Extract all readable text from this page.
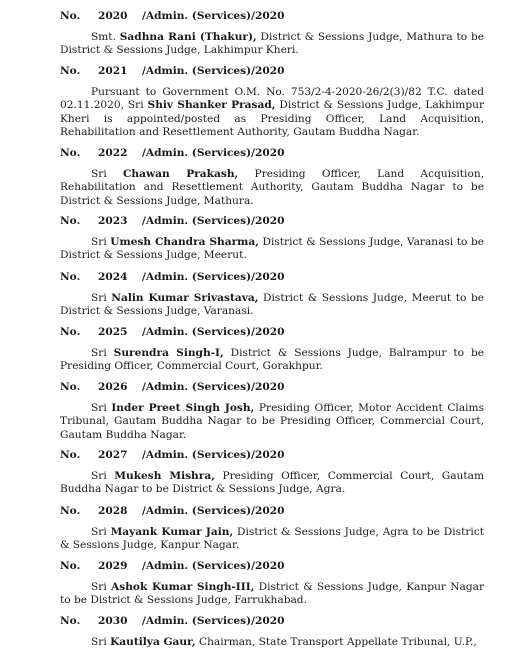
No. 2020 /Admin. (Services)/2020
Smt. Sadhna Rani (Thakur), District & Sessions Judge, Mathura to be District & Sessions Judge, Lakhimpur Kheri.
No. 2021 /Admin. (Services)/2020
Pursuant to Government O.M. No. 753/2-4-2020-26/2(3)/82 T.C. dated 02.11.2020, Sri Shiv Shanker Prasad, District & Sessions Judge, Lakhimpur Kheri is appointed/posted as Presiding Officer, Land Acquisition, Rehabilitation and Resettlement Authority, Gautam Buddha Nagar.
No. 2022 /Admin. (Services)/2020
Sri Chawan Prakash, Presiding Officer, Land Acquisition, Rehabilitation and Resettlement Authority, Gautam Buddha Nagar to be District & Sessions Judge, Mathura.
No. 2023 /Admin. (Services)/2020
Sri Umesh Chandra Sharma, District & Sessions Judge, Varanasi to be District & Sessions Judge, Meerut.
No. 2024 /Admin. (Services)/2020
Sri Nalin Kumar Srivastava, District & Sessions Judge, Meerut to be District & Sessions Judge, Varanasi.
No. 2025 /Admin. (Services)/2020
Sri Surendra Singh-I, District & Sessions Judge, Balrampur to be Presiding Officer, Commercial Court, Gorakhpur.
No. 2026 /Admin. (Services)/2020
Sri Inder Preet Singh Josh, Presiding Officer, Motor Accident Claims Tribunal, Gautam Buddha Nagar to be Presiding Officer, Commercial Court, Gautam Buddha Nagar.
No. 2027 /Admin. (Services)/2020
Sri Mukesh Mishra, Presiding Officer, Commercial Court, Gautam Buddha Nagar to be District & Sessions Judge, Agra.
No. 2028 /Admin. (Services)/2020
Sri Mayank Kumar Jain, District & Sessions Judge, Agra to be District & Sessions Judge, Kanpur Nagar.
No. 2029 /Admin. (Services)/2020
Sri Ashok Kumar Singh-III, District & Sessions Judge, Kanpur Nagar to be District & Sessions Judge, Farrukhabad.
No. 2030 /Admin. (Services)/2020
Sri Kautilya Gaur, Chairman, State Transport Appellate Tribunal, U.P.,
